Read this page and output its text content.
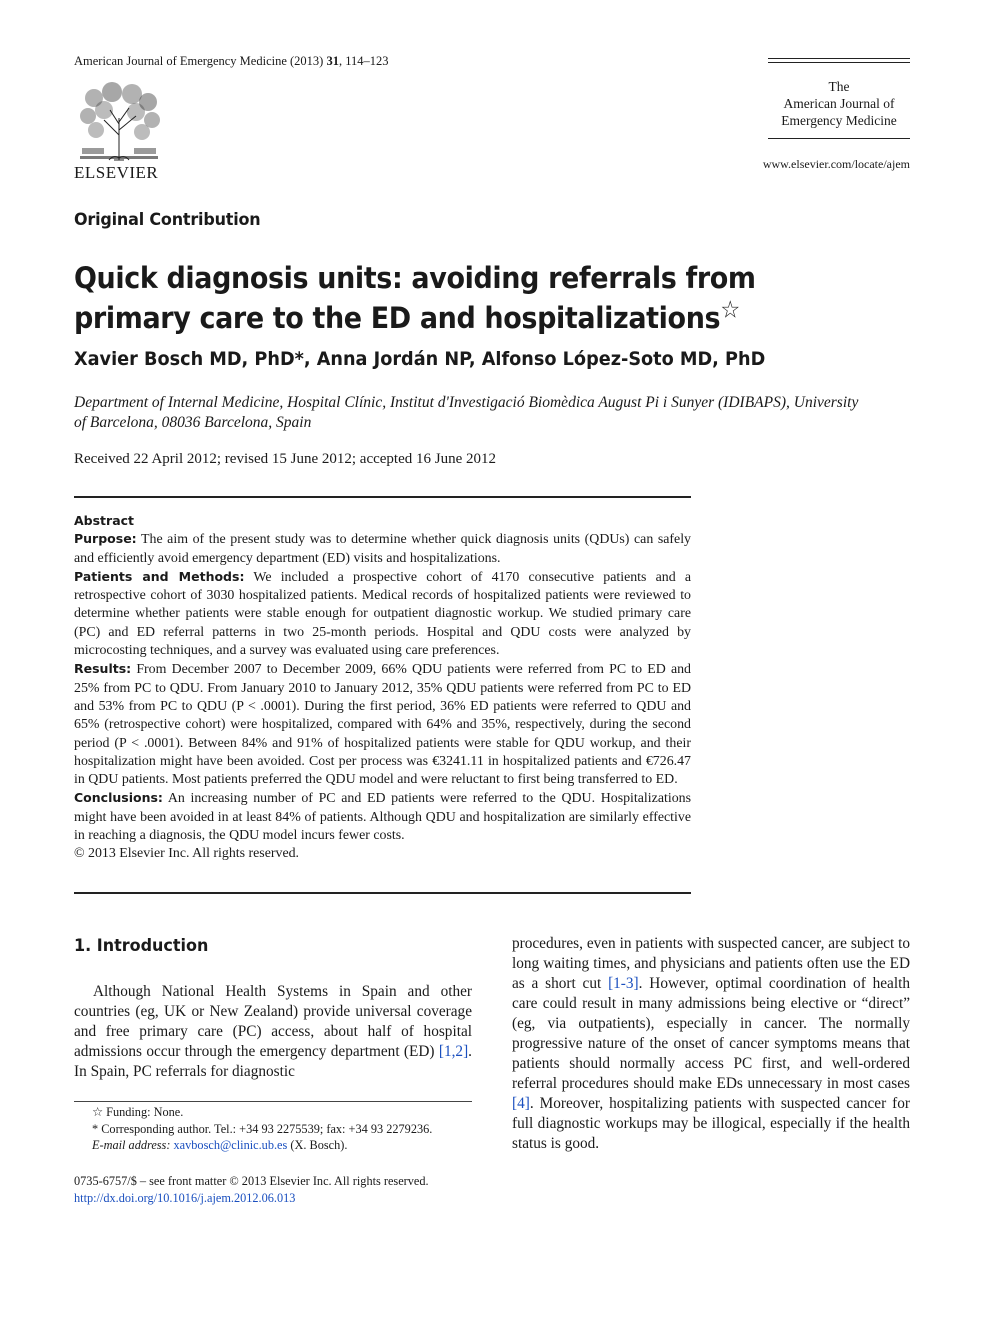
American Journal of Emergency Medicine (2013) 31, 114–123
ELSEVIER
The
American Journal of
Emergency Medicine
www.elsevier.com/locate/ajem
Original Contribution
Quick diagnosis units: avoiding referrals from primary care to the ED and hospitalizations☆
Xavier Bosch MD, PhD*, Anna Jordán NP, Alfonso López-Soto MD, PhD
Department of Internal Medicine, Hospital Clínic, Institut d'Investigació Biomèdica August Pi i Sunyer (IDIBAPS), University of Barcelona, 08036 Barcelona, Spain
Received 22 April 2012; revised 15 June 2012; accepted 16 June 2012

Abstract

Purpose: The aim of the present study was to determine whether quick diagnosis units (QDUs) can safely and efficiently avoid emergency department (ED) visits and hospitalizations.

Patients and Methods: We included a prospective cohort of 4170 consecutive patients and a retrospective cohort of 3030 hospitalized patients. Medical records of hospitalized patients were reviewed to determine whether patients were stable enough for outpatient diagnostic workup. We studied primary care (PC) and ED referral patterns in two 25-month periods. Hospital and QDU costs were analyzed by microcosting techniques, and a survey was evaluated using care preferences.

Results: From December 2007 to December 2009, 66% QDU patients were referred from PC to ED and 25% from PC to QDU. From January 2010 to January 2012, 35% QDU patients were referred from PC to ED and 53% from PC to QDU (P < .0001). During the first period, 36% ED patients were referred to QDU and 65% (retrospective cohort) were hospitalized, compared with 64% and 35%, respectively, during the second period (P < .0001). Between 84% and 91% of hospitalized patients were stable for QDU workup, and their hospitalization might have been avoided. Cost per process was €3241.11 in hospitalized patients and €726.47 in QDU patients. Most patients preferred the QDU model and were reluctant to first being transferred to ED.

Conclusions: An increasing number of PC and ED patients were referred to the QDU. Hospitalizations might have been avoided in at least 84% of patients. Although QDU and hospitalization are similarly effective in reaching a diagnosis, the QDU model incurs fewer costs.

© 2013 Elsevier Inc. All rights reserved.

1. Introduction

Although National Health Systems in Spain and other countries (eg, UK or New Zealand) provide universal coverage and free primary care (PC) access, about half of hospital admissions occur through the emergency department (ED) [1,2]. In Spain, PC referrals for diagnostic

procedures, even in patients with suspected cancer, are subject to long waiting times, and physicians and patients often use the ED as a short cut [1-3]. However, optimal coordination of health care could result in many admissions being elective or “direct” (eg, via outpatients), especially in cancer. The normally progressive nature of the onset of cancer symptoms means that patients should normally access PC first, and well-ordered referral procedures should make EDs unnecessary in most cases [4]. Moreover, hospitalizing patients with suspected cancer for full diagnostic workups may be illogical, especially if the health status is good.

☆ Funding: None.
* Corresponding author. Tel.: +34 93 2275539; fax: +34 93 2279236.
E-mail address: xavbosch@clinic.ub.es (X. Bosch).
0735-6757/$ – see front matter © 2013 Elsevier Inc. All rights reserved.
http://dx.doi.org/10.1016/j.ajem.2012.06.013
